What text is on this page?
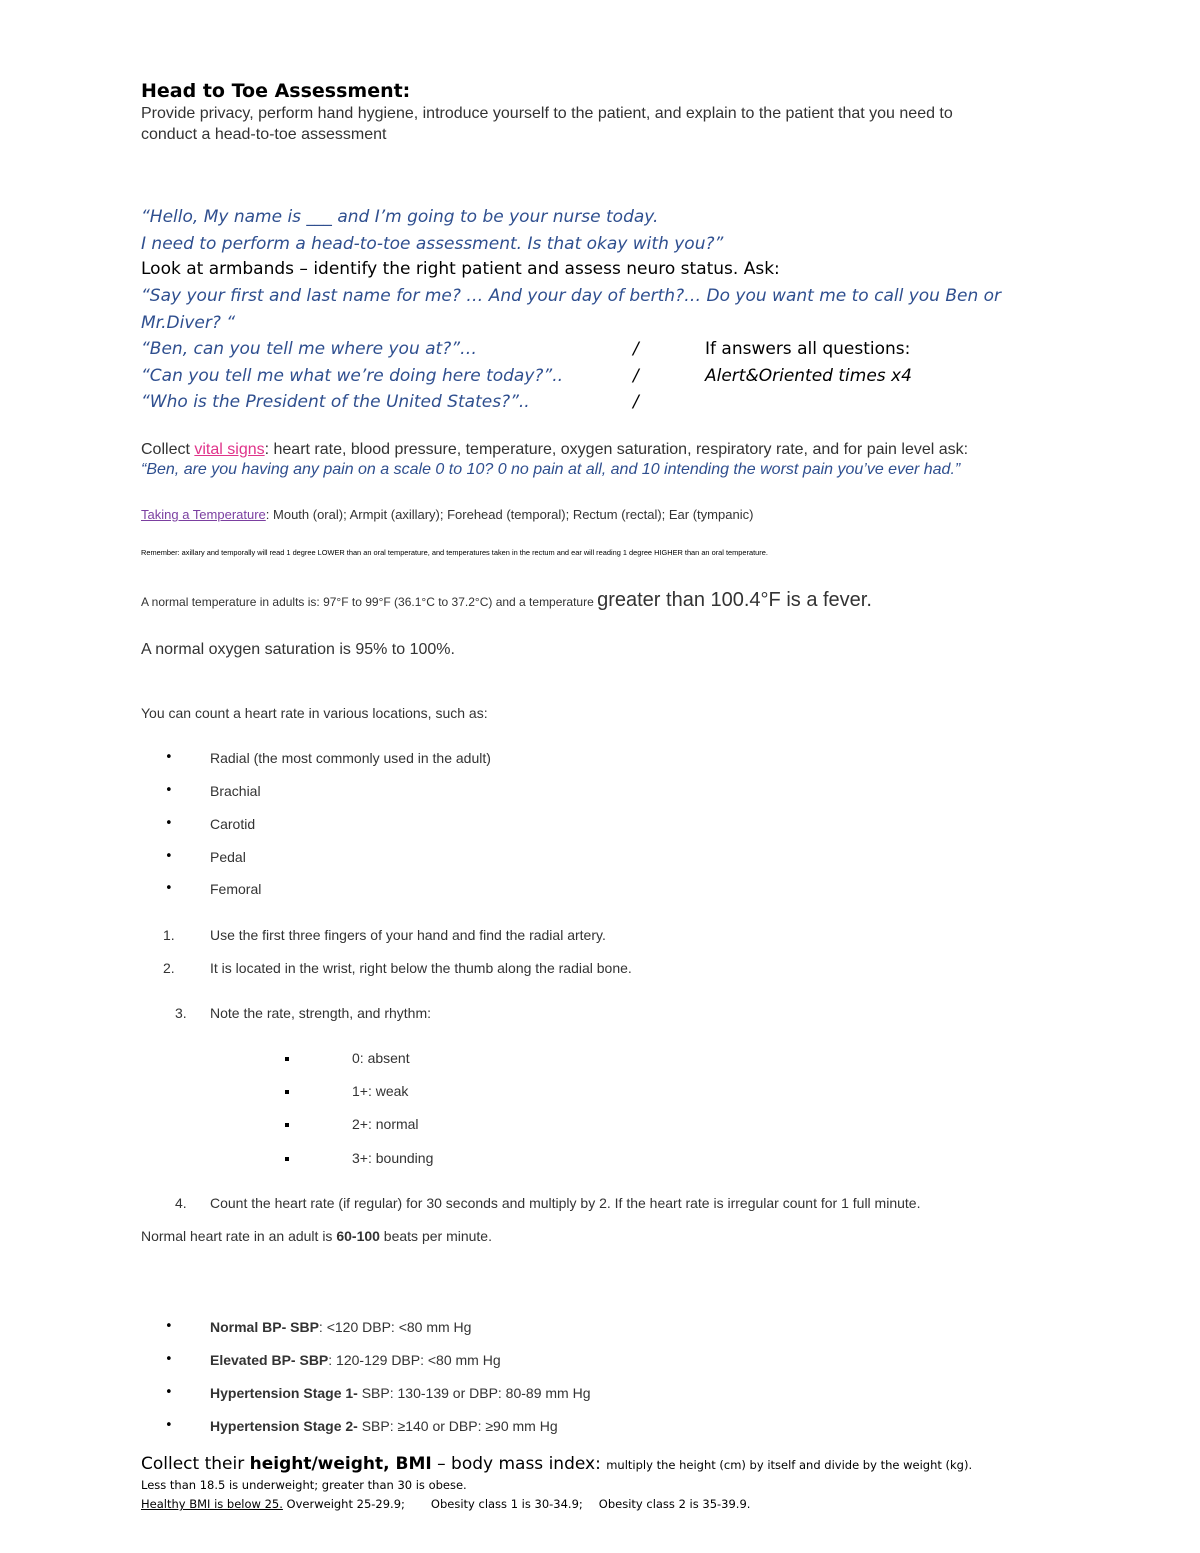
Head to Toe Assessment:
Provide privacy, perform hand hygiene, introduce yourself to the patient, and explain to the patient that you need to
conduct a head-to-toe assessment
“Hello, My name is ___ and I’m going to be your nurse today.
I need to perform a head-to-toe assessment. Is that okay with you?”
Look at armbands – identify the right patient and assess neuro status. Ask:
“Say your first and last name for me? … And your day of berth?… Do you want me to call you Ben or
Mr.Diver? “
“Ben, can you tell me where you at?”…	/	If answers all questions:
“Can you tell me what we’re doing here today?”..	/	Alert&Oriented times x4
“Who is the President of the United States?”..	/
Collect vital signs: heart rate, blood pressure, temperature, oxygen saturation, respiratory rate, and for pain level ask:
“Ben, are you having any pain on a scale 0 to 10? 0 no pain at all, and 10 intending the worst pain you’ve ever had.”
Taking a Temperature: Mouth (oral); Armpit (axillary); Forehead (temporal); Rectum (rectal); Ear (tympanic)
Remember: axillary and temporally will read 1 degree LOWER than an oral temperature, and temperatures taken in the rectum and ear will reading 1 degree HIGHER than an oral temperature.
A normal temperature in adults is: 97°F to 99°F (36.1°C to 37.2°C) and a temperature greater than 100.4°F is a fever.
A normal oxygen saturation is 95% to 100%.
You can count a heart rate in various locations, such as:
•	Radial (the most commonly used in the adult)
•	Brachial
•	Carotid
•	Pedal
•	Femoral
1.	Use the first three fingers of your hand and find the radial artery.
2.	It is located in the wrist, right below the thumb along the radial bone.
3. Note the rate, strength, and rhythm:
0: absent
1+: weak
2+: normal
3+: bounding
4. Count the heart rate (if regular) for 30 seconds and multiply by 2. If the heart rate is irregular count for 1 full minute.
Normal heart rate in an adult is 60-100 beats per minute.
•	Normal BP- SBP: <120 DBP: <80 mm Hg
•	Elevated BP- SBP: 120-129 DBP: <80 mm Hg
•	Hypertension Stage 1- SBP: 130-139 or DBP: 80-89 mm Hg
•	Hypertension Stage 2- SBP: ≥140 or DBP: ≥90 mm Hg
Collect their height/weight, BMI – body mass index: multiply the height (cm) by itself and divide by the weight (kg).
Less than 18.5 is underweight; greater than 30 is obese.
Healthy BMI is below 25. Overweight 25-29.9; Obesity class 1 is 30-34.9; Obesity class 2 is 35-39.9.
